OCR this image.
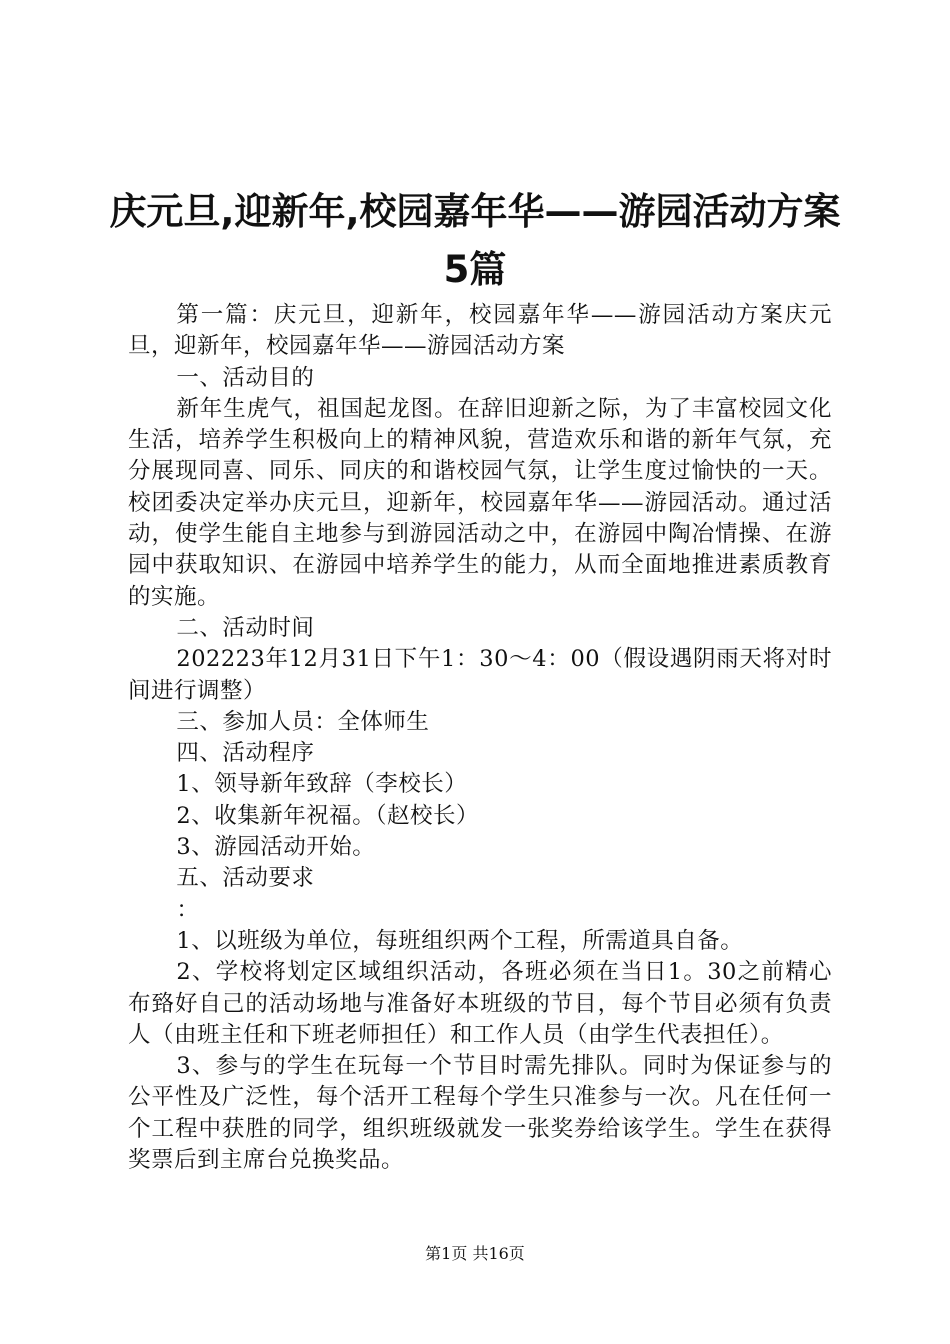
庆元旦,迎新年,校园嘉年华——游园活动方案
5篇

第一篇：庆元旦，迎新年，校园嘉年华——游园活动方案庆元旦，迎新年，校园嘉年华——游园活动方案

一、活动目的

新年生虎气，祖国起龙图。在辞旧迎新之际，为了丰富校园文化生活，培养学生积极向上的精神风貌，营造欢乐和谐的新年气氛，充分展现同喜、同乐、同庆的和谐校园气氛，让学生度过愉快的一天。校团委决定举办庆元旦，迎新年，校园嘉年华——游园活动。通过活动，使学生能自主地参与到游园活动之中，在游园中陶冶情操、在游园中获取知识、在游园中培养学生的能力，从而全面地推进素质教育的实施。

二、活动时间

202223年12月31日下午1：30～4：00（假设遇阴雨天将对时间进行调整）

三、参加人员：全体师生

四、活动程序

1、领导新年致辞（李校长）

2、收集新年祝福。（赵校长）

3、游园活动开始。

五、活动要求

：

1、以班级为单位，每班组织两个工程，所需道具自备。

2、学校将划定区域组织活动，各班必须在当日1。30之前精心布臵好自己的活动场地与准备好本班级的节目，每个节目必须有负责人（由班主任和下班老师担任）和工作人员（由学生代表担任）。

3、参与的学生在玩每一个节目时需先排队。同时为保证参与的公平性及广泛性，每个活开工程每个学生只准参与一次。凡在任何一个工程中获胜的同学，组织班级就发一张奖券给该学生。学生在获得奖票后到主席台兑换奖品。

第1页 共16页
